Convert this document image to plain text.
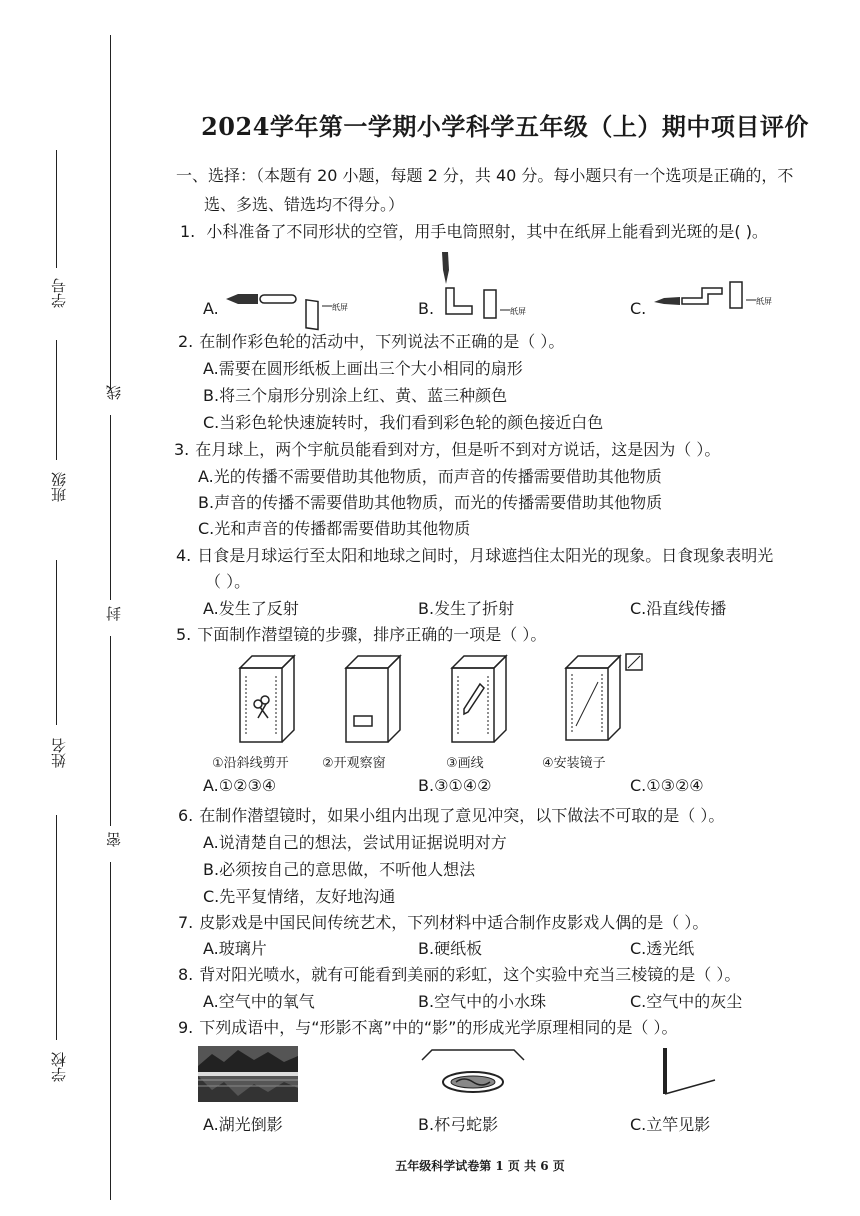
线
封
密
学号
班级
姓名
学校
2024学年第一学期小学科学五年级（上）期中项目评价
一、选择：（本题有 20 小题，每题 2 分，共 40 分。每小题只有一个选项是正确的，不
选、多选、错选均不得分。）
1. 小科准备了不同形状的空管，用手电筒照射，其中在纸屏上能看到光斑的是( )。
A.	B.	C.
纸屏	纸屏
纸屏
2. 在制作彩色轮的活动中，下列说法不正确的是（ ）。
A.需要在圆形纸板上画出三个大小相同的扇形
B.将三个扇形分别涂上红、黄、蓝三种颜色
C.当彩色轮快速旋转时，我们看到彩色轮的颜色接近白色
3. 在月球上，两个宇航员能看到对方，但是听不到对方说话，这是因为（ ）。
A.光的传播不需要借助其他物质，而声音的传播需要借助其他物质
B.声音的传播不需要借助其他物质，而光的传播需要借助其他物质
C.光和声音的传播都需要借助其他物质
4. 日食是月球运行至太阳和地球之间时，月球遮挡住太阳光的现象。日食现象表明光
（ ）。
A.发生了反射	B.发生了折射	C.沿直线传播
5. 下面制作潜望镜的步骤，排序正确的一项是（ ）。
①沿斜线剪开	②开观察窗	③画线	④安装镜子
A.①②③④	B.③①④②	C.①③②④
6. 在制作潜望镜时，如果小组内出现了意见冲突，以下做法不可取的是（ ）。
A.说清楚自己的想法，尝试用证据说明对方
B.必须按自己的意思做，不听他人想法
C.先平复情绪，友好地沟通
7. 皮影戏是中国民间传统艺术，下列材料中适合制作皮影戏人偶的是（ ）。
A.玻璃片	B.硬纸板	C.透光纸
8. 背对阳光喷水，就有可能看到美丽的彩虹，这个实验中充当三棱镜的是（ ）。
A.空气中的氧气	B.空气中的小水珠	C.空气中的灰尘
9. 下列成语中，与“形影不离”中的“影”的形成光学原理相同的是（ ）。
A.湖光倒影	B.杯弓蛇影	C.立竿见影
五年级科学试卷第 1 页 共 6 页
